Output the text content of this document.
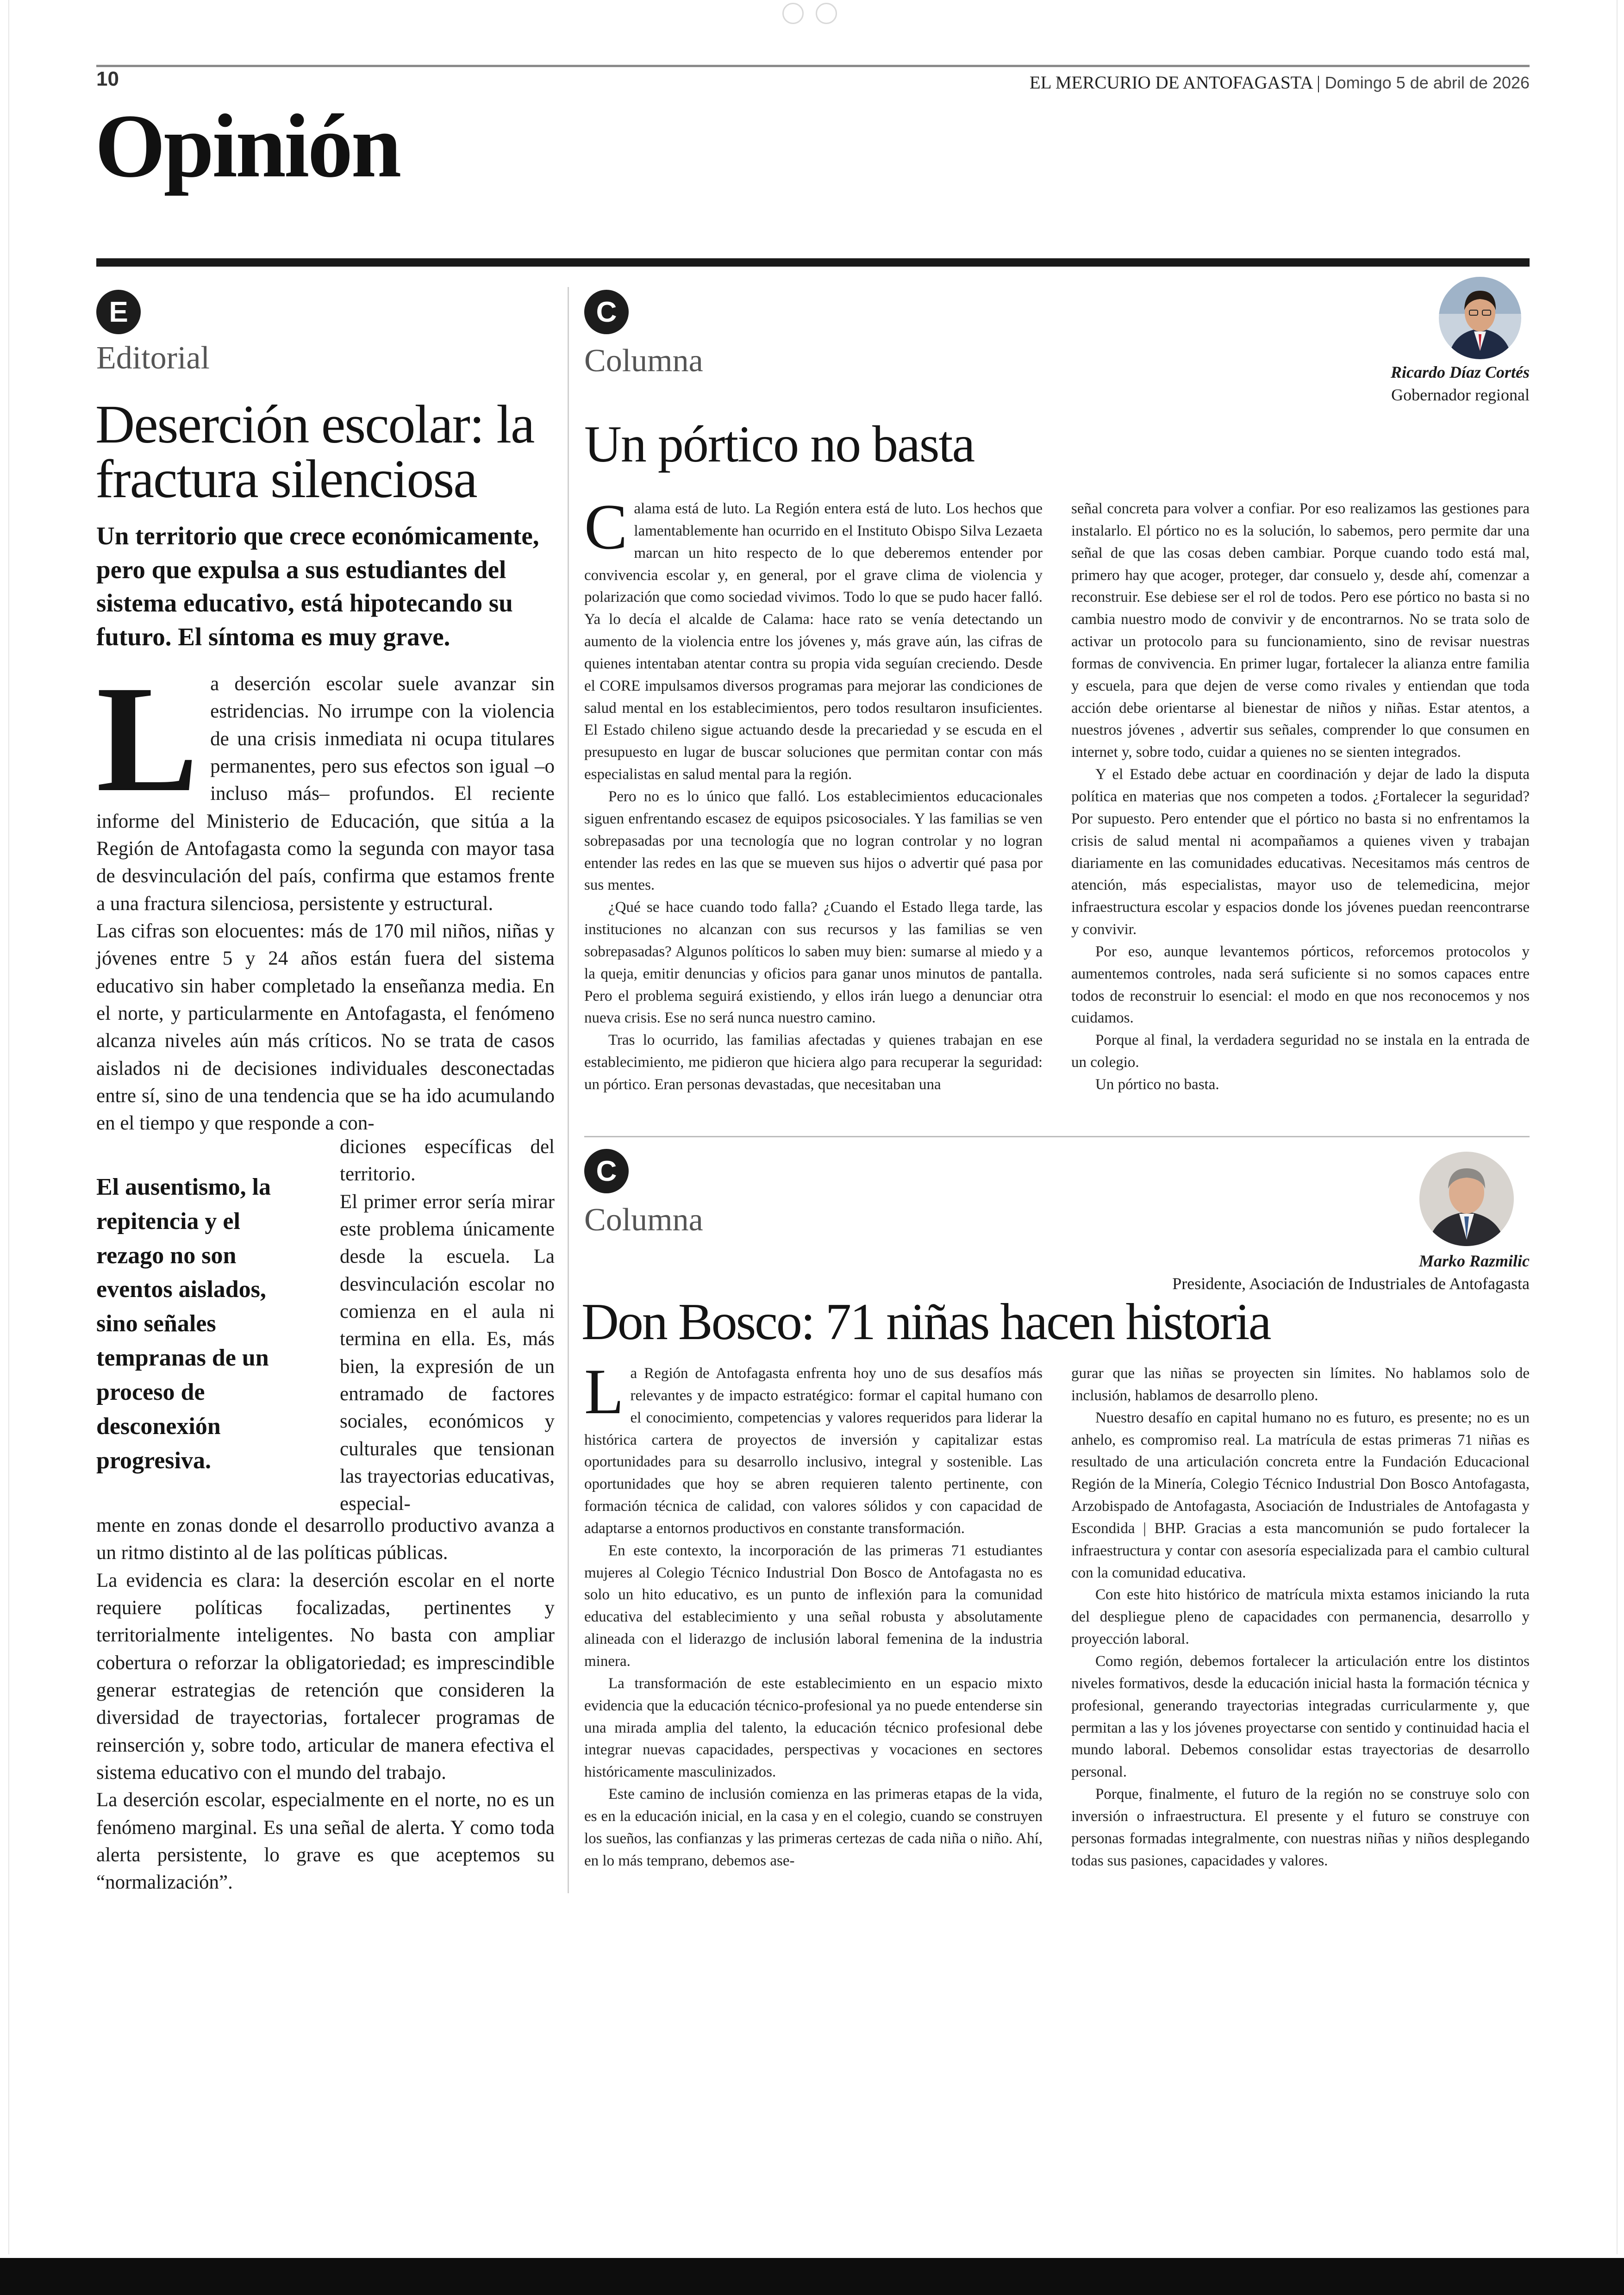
10	EL MERCURIO DE ANTOFAGASTA | Domingo 5 de abril de 2026
Opinión
E
Editorial
Deserción escolar: la
fractura silenciosa
Un territorio que crece económicamente, pero que expulsa a sus estudiantes del sistema educativo, está hipotecando su futuro. El síntoma es muy grave.
L a deserción escolar suele avanzar sin estridencias. No irrumpe con la violencia de una crisis inmediata ni ocupa titulares permanentes, pero sus efectos son igual –o incluso más– profundos. El reciente informe del Ministerio de Educación, que sitúa a la Región de Antofagasta como la segunda con mayor tasa de desvinculación del país, confirma que estamos frente a una fractura silenciosa, persistente y estructural.

Las cifras son elocuentes: más de 170 mil niños, niñas y jóvenes entre 5 y 24 años están fuera del sistema educativo sin haber completado la enseñanza media. En el norte, y particularmente en Antofagasta, el fenómeno alcanza niveles aún más críticos. No se trata de casos aislados ni de decisiones individuales desconectadas entre sí, sino de una tendencia que se ha ido acumulando en el tiempo y que responde a con-

El ausentismo, la repitencia y el rezago no son eventos aislados, sino señales tempranas de un proceso de desconexión progresiva.

diciones específicas del territorio.

El primer error sería mirar este problema únicamente desde la escuela. La desvinculación escolar no comienza en el aula ni termina en ella. Es, más bien, la expresión de un entramado de factores sociales, económicos y culturales que tensionan las trayectorias educativas, especial-

mente en zonas donde el desarrollo productivo avanza a un ritmo distinto al de las políticas públicas.

La evidencia es clara: la deserción escolar en el norte requiere políticas focalizadas, pertinentes y territorialmente inteligentes. No basta con ampliar cobertura o reforzar la obligatoriedad; es imprescindible generar estrategias de retención que consideren la diversidad de trayectorias, fortalecer programas de reinserción y, sobre todo, articular de manera efectiva el sistema educativo con el mundo del trabajo.

La deserción escolar, especialmente en el norte, no es un fenómeno marginal. Es una señal de alerta. Y como toda alerta persistente, lo grave es que aceptemos su “normalización”.

C
Columna	Ricardo Díaz Cortés
Gobernador regional
Un pórtico no basta
C alama está de luto. La Región entera está de luto. Los hechos que lamentablemente han ocurrido en el Instituto Obispo Silva Lezaeta marcan un hito respecto de lo que deberemos entender por convivencia escolar y, en general, por el grave clima de violencia y polarización que como sociedad vivimos. Todo lo que se pudo hacer falló. Ya lo decía el alcalde de Calama: hace rato se venía detectando un aumento de la violencia entre los jóvenes y, más grave aún, las cifras de quienes intentaban atentar contra su propia vida seguían creciendo. Desde el CORE impulsamos diversos programas para mejorar las condiciones de salud mental en los establecimientos, pero todos resultaron insuficientes. El Estado chileno sigue actuando desde la precariedad y se escuda en el presupuesto en lugar de buscar soluciones que permitan contar con más especialistas en salud mental para la región.

Pero no es lo único que falló. Los establecimientos educacionales siguen enfrentando escasez de equipos psicosociales. Y las familias se ven sobrepasadas por una tecnología que no logran controlar y no logran entender las redes en las que se mueven sus hijos o advertir qué pasa por sus mentes.

¿Qué se hace cuando todo falla? ¿Cuando el Estado llega tarde, las instituciones no alcanzan con sus recursos y las familias se ven sobrepasadas? Algunos políticos lo saben muy bien: sumarse al miedo y a la queja, emitir denuncias y oficios para ganar unos minutos de pantalla. Pero el problema seguirá existiendo, y ellos irán luego a denunciar otra nueva crisis. Ese no será nunca nuestro camino.

Tras lo ocurrido, las familias afectadas y quienes trabajan en ese establecimiento, me pidieron que hiciera algo para recuperar la seguridad: un pórtico. Eran personas devastadas, que necesitaban una

señal concreta para volver a confiar. Por eso realizamos las gestiones para instalarlo. El pórtico no es la solución, lo sabemos, pero permite dar una señal de que las cosas deben cambiar. Porque cuando todo está mal, primero hay que acoger, proteger, dar consuelo y, desde ahí, comenzar a reconstruir. Ese debiese ser el rol de todos. Pero ese pórtico no basta si no cambia nuestro modo de convivir y de encontrarnos. No se trata solo de activar un protocolo para su funcionamiento, sino de revisar nuestras formas de convivencia. En primer lugar, fortalecer la alianza entre familia y escuela, para que dejen de verse como rivales y entiendan que toda acción debe orientarse al bienestar de niños y niñas. Estar atentos, a nuestros jóvenes , advertir sus señales, comprender lo que consumen en internet y, sobre todo, cuidar a quienes no se sienten integrados.

Y el Estado debe actuar en coordinación y dejar de lado la disputa política en materias que nos competen a todos. ¿Fortalecer la seguridad? Por supuesto. Pero entender que el pórtico no basta si no enfrentamos la crisis de salud mental ni acompañamos a quienes viven y trabajan diariamente en las comunidades educativas. Necesitamos más centros de atención, más especialistas, mayor uso de telemedicina, mejor infraestructura escolar y espacios donde los jóvenes puedan reencontrarse y convivir.

Por eso, aunque levantemos pórticos, reforcemos protocolos y aumentemos controles, nada será suficiente si no somos capaces entre todos de reconstruir lo esencial: el modo en que nos reconocemos y nos cuidamos.

Porque al final, la verdadera seguridad no se instala en la entrada de un colegio.

Un pórtico no basta.

C
Columna
Marko Razmilic
Presidente, Asociación de Industriales de Antofagasta
Don Bosco: 71 niñas hacen historia
L a Región de Antofagasta enfrenta hoy uno de sus desafíos más relevantes y de impacto estratégico: formar el capital humano con el conocimiento, competencias y valores requeridos para liderar la histórica cartera de proyectos de inversión y capitalizar estas oportunidades para su desarrollo inclusivo, integral y sostenible. Las oportunidades que hoy se abren requieren talento pertinente, con formación técnica de calidad, con valores sólidos y con capacidad de adaptarse a entornos productivos en constante transformación.

En este contexto, la incorporación de las primeras 71 estudiantes mujeres al Colegio Técnico Industrial Don Bosco de Antofagasta no es solo un hito educativo, es un punto de inflexión para la comunidad educativa del establecimiento y una señal robusta y absolutamente alineada con el liderazgo de inclusión laboral femenina de la industria minera.

La transformación de este establecimiento en un espacio mixto evidencia que la educación técnico-profesional ya no puede entenderse sin una mirada amplia del talento, la educación técnico profesional debe integrar nuevas capacidades, perspectivas y vocaciones en sectores históricamente masculinizados.

Este camino de inclusión comienza en las primeras etapas de la vida, es en la educación inicial, en la casa y en el colegio, cuando se construyen los sueños, las confianzas y las primeras certezas de cada niña o niño. Ahí, en lo más temprano, debemos ase-

gurar que las niñas se proyecten sin límites. No hablamos solo de inclusión, hablamos de desarrollo pleno.

Nuestro desafío en capital humano no es futuro, es presente; no es un anhelo, es compromiso real. La matrícula de estas primeras 71 niñas es resultado de una articulación concreta entre la Fundación Educacional Región de la Minería, Colegio Técnico Industrial Don Bosco Antofagasta, Arzobispado de Antofagasta, Asociación de Industriales de Antofagasta y Escondida | BHP. Gracias a esta mancomunión se pudo fortalecer la infraestructura y contar con asesoría especializada para el cambio cultural con la comunidad educativa.

Con este hito histórico de matrícula mixta estamos iniciando la ruta del despliegue pleno de capacidades con permanencia, desarrollo y proyección laboral.

Como región, debemos fortalecer la articulación entre los distintos niveles formativos, desde la educación inicial hasta la formación técnica y profesional, generando trayectorias integradas curricularmente y, que permitan a las y los jóvenes proyectarse con sentido y continuidad hacia el mundo laboral. Debemos consolidar estas trayectorias de desarrollo personal.

Porque, finalmente, el futuro de la región no se construye solo con inversión o infraestructura. El presente y el futuro se construye con personas formadas integralmente, con nuestras niñas y niños desplegando todas sus pasiones, capacidades y valores.
